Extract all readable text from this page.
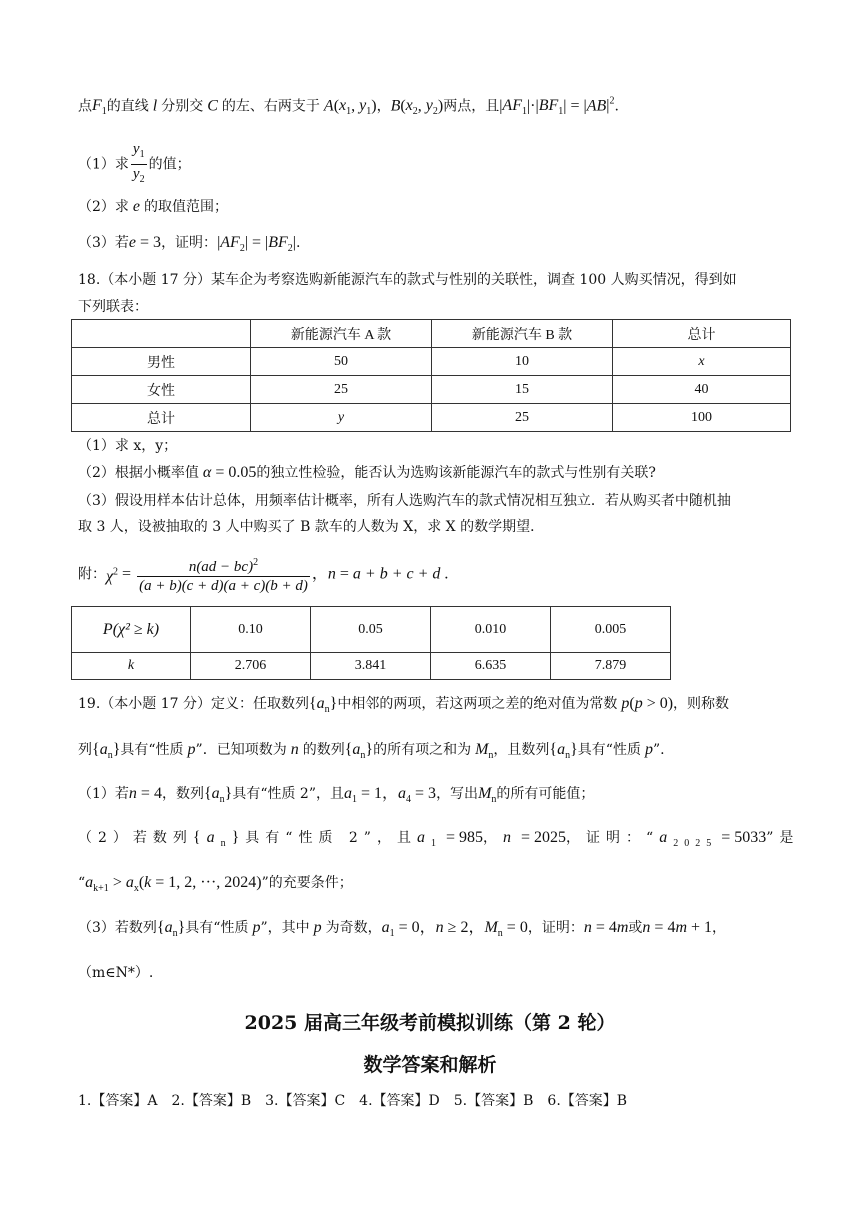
点$F_1$的直线 l 分别交 C 的左、右两支于 $A(x_1$, $y_1$)，$B(x_2$, $y_2$)两点，且$|AF_1|\cdot|BF_1| = |AB|^2$.
（1）求 $\frac{y_1}{y_2}$ 的值；
（2）求 e 的取值范围；
（3）若e = 3，证明：$|AF_2| = |BF_2|$.
18.（本小题 17 分）某车企为考察选购新能源汽车的款式与性别的关联性，调查 100 人购买情况，得到如
下列联表：
	新能源汽车 A 款	新能源汽车 B 款	总计
男性	50	10	x
女性	25	15	40
总计	y	25	100
（1）求 x，y；
（2）根据小概率值 α = 0.05的独立性检验，能否认为选购该新能源汽车的款式与性别有关联?
（3）假设用样本估计总体，用频率估计概率，所有人选购汽车的款式情况相互独立．若从购买者中随机抽
取 3 人，设被抽取的 3 人中购买了 B 款车的人数为 X，求 X 的数学期望．
附：$\chi^2 = \frac{n(ad - bc)^2}{(a + b)(c + d)(a + c)(b + d)}$ ，n = a + b + c + d .
P(χ² ≥ k)	0.10	0.05	0.010	0.005
k	2.706	3.841	6.635	7.879
19.（本小题 17 分）定义：任取数列$\{a_n\}$中相邻的两项，若这两项之差的绝对值为常数 p(p > 0)，则称数
列$\{a_n\}$具有“性质 p”．已知项数为 n 的数列$\{a_n\}$的所有项之和为 $M_n$，且数列$\{a_n\}$具有“性质 p”.
（1）若n = 4，数列$\{a_n\}$具有“性质 2”，且$a_1 = 1$，$a_4 = 3$，写出$M_n$的所有可能值；
（2）若数列$\{a_n\}$具有“性质 2”，且$a_1 = 985$，n = 2025，证明：“$a_{2025} = 5033$”是
“$a_{k+1} > a_x(k = 1$, 2, ···, 2024)”的充要条件；
（3）若数列$\{a_n\}$具有“性质 p”，其中 p 为奇数，$a_1 = 0$，n ≥ 2，$M_n = 0$，证明：n = 4m或n = 4m + 1，
（m∈N*）.
2025 届高三年级考前模拟训练（第 2 轮）
数学答案和解析
1.【答案】A　2.【答案】B　3.【答案】C　4.【答案】D　5.【答案】B　6.【答案】B
